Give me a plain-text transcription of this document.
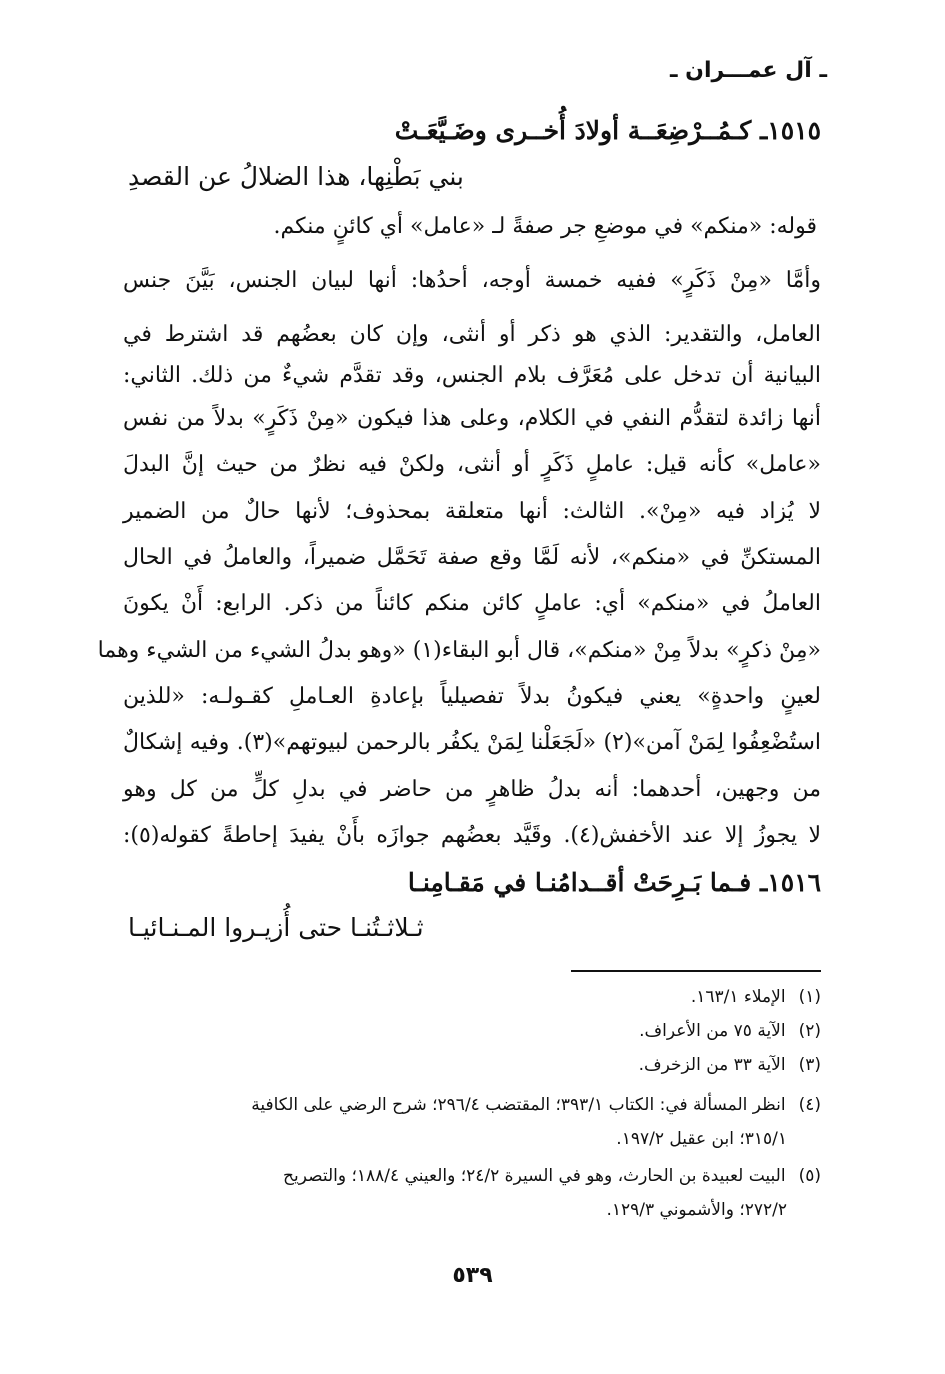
ـ آل عمـــران ـ
١٥١٥ـ كـمُــرْضِعَــة أولادَ أُخــرى وضَـيَّعَـتْ
بني بَطْنِها، هذا الضلالُ عن القصدِ
قوله: «منكم» في موضعِ جر صفةً لـ «عامل» أي كائنٍ منكم.
وأمَّا «مِنْ ذَكَرٍ» ففيه خمسة أوجه، أحدُها: أنها لبيان الجنس، بَيَّنَ جنس
العامل، والتقدير: الذي هو ذكر أو أنثى، وإن كان بعضُهم قد اشترط في
البيانية أن تدخل على مُعَرَّف بلام الجنس، وقد تقدَّم شيءٌ من ذلك. الثاني:
أنها زائدة لتقدُّم النفي في الكلام، وعلى هذا فيكون «مِنْ ذَكَرٍ» بدلاً من نفس
«عامل» كأنه قيل: عاملٍ ذَكَرٍ أو أنثى، ولكنْ فيه نظرٌ من حيث إنَّ البدلَ
لا يُزاد فيه «مِنْ». الثالث: أنها متعلقة بمحذوف؛ لأنها حالٌ من الضمير
المستكنِّ في «منكم»، لأنه لَمَّا وقع صفة تَحَمَّل ضميراً، والعاملُ في الحال
العاملُ في «منكم» أي: عاملٍ كائن منكم كائناً من ذكر. الرابع: أَنْ يكونَ
«مِنْ ذكرٍ» بدلاً مِنْ «منكم»، قال أبو البقاء(١) «وهو بدلُ الشيء من الشيء وهما
لعينٍ واحدةٍ» يعني فيكونُ بدلاً تفصيلياً بإعادةِ العـاملِ كقـولـه: «للذين
استُضْعِفُوا لِمَنْ آمن»(٢) «لَجَعَلْنا لِمَنْ يكفُر بالرحمن لبيوتهم»(٣). وفيه إشكالٌ
من وجهين، أحدهما: أنه بدلُ ظاهرٍ من حاضر في بدلِ كلٍّ من كل وهو
لا يجوزُ إلا عند الأخفش(٤). وقَيَّد بعضُهم جوازَه بأَنْ يفيدَ إحاطةً كقوله(٥):
١٥١٦ـ فـما بَـرِحَتْ أقــدامُنـا في مَقـامِنـا
ثـلاثـتُنـا حتى أُزيـروا المـنـائيـا
(١) الإملاء ١٦٣/١.
(٢) الآية ٧٥ من الأعراف.
(٣) الآية ٣٣ من الزخرف.
(٤) انظر المسألة في: الكتاب ٣٩٣/١؛ المقتضب ٢٩٦/٤؛ شرح الرضي على الكافية
٣١٥/١؛ ابن عقيل ١٩٧/٢.
(٥) البيت لعبيدة بن الحارث، وهو في السيرة ٢٤/٢؛ والعيني ١٨٨/٤؛ والتصريح
٢٧٢/٢؛ والأشموني ١٢٩/٣.
٥٣٩
